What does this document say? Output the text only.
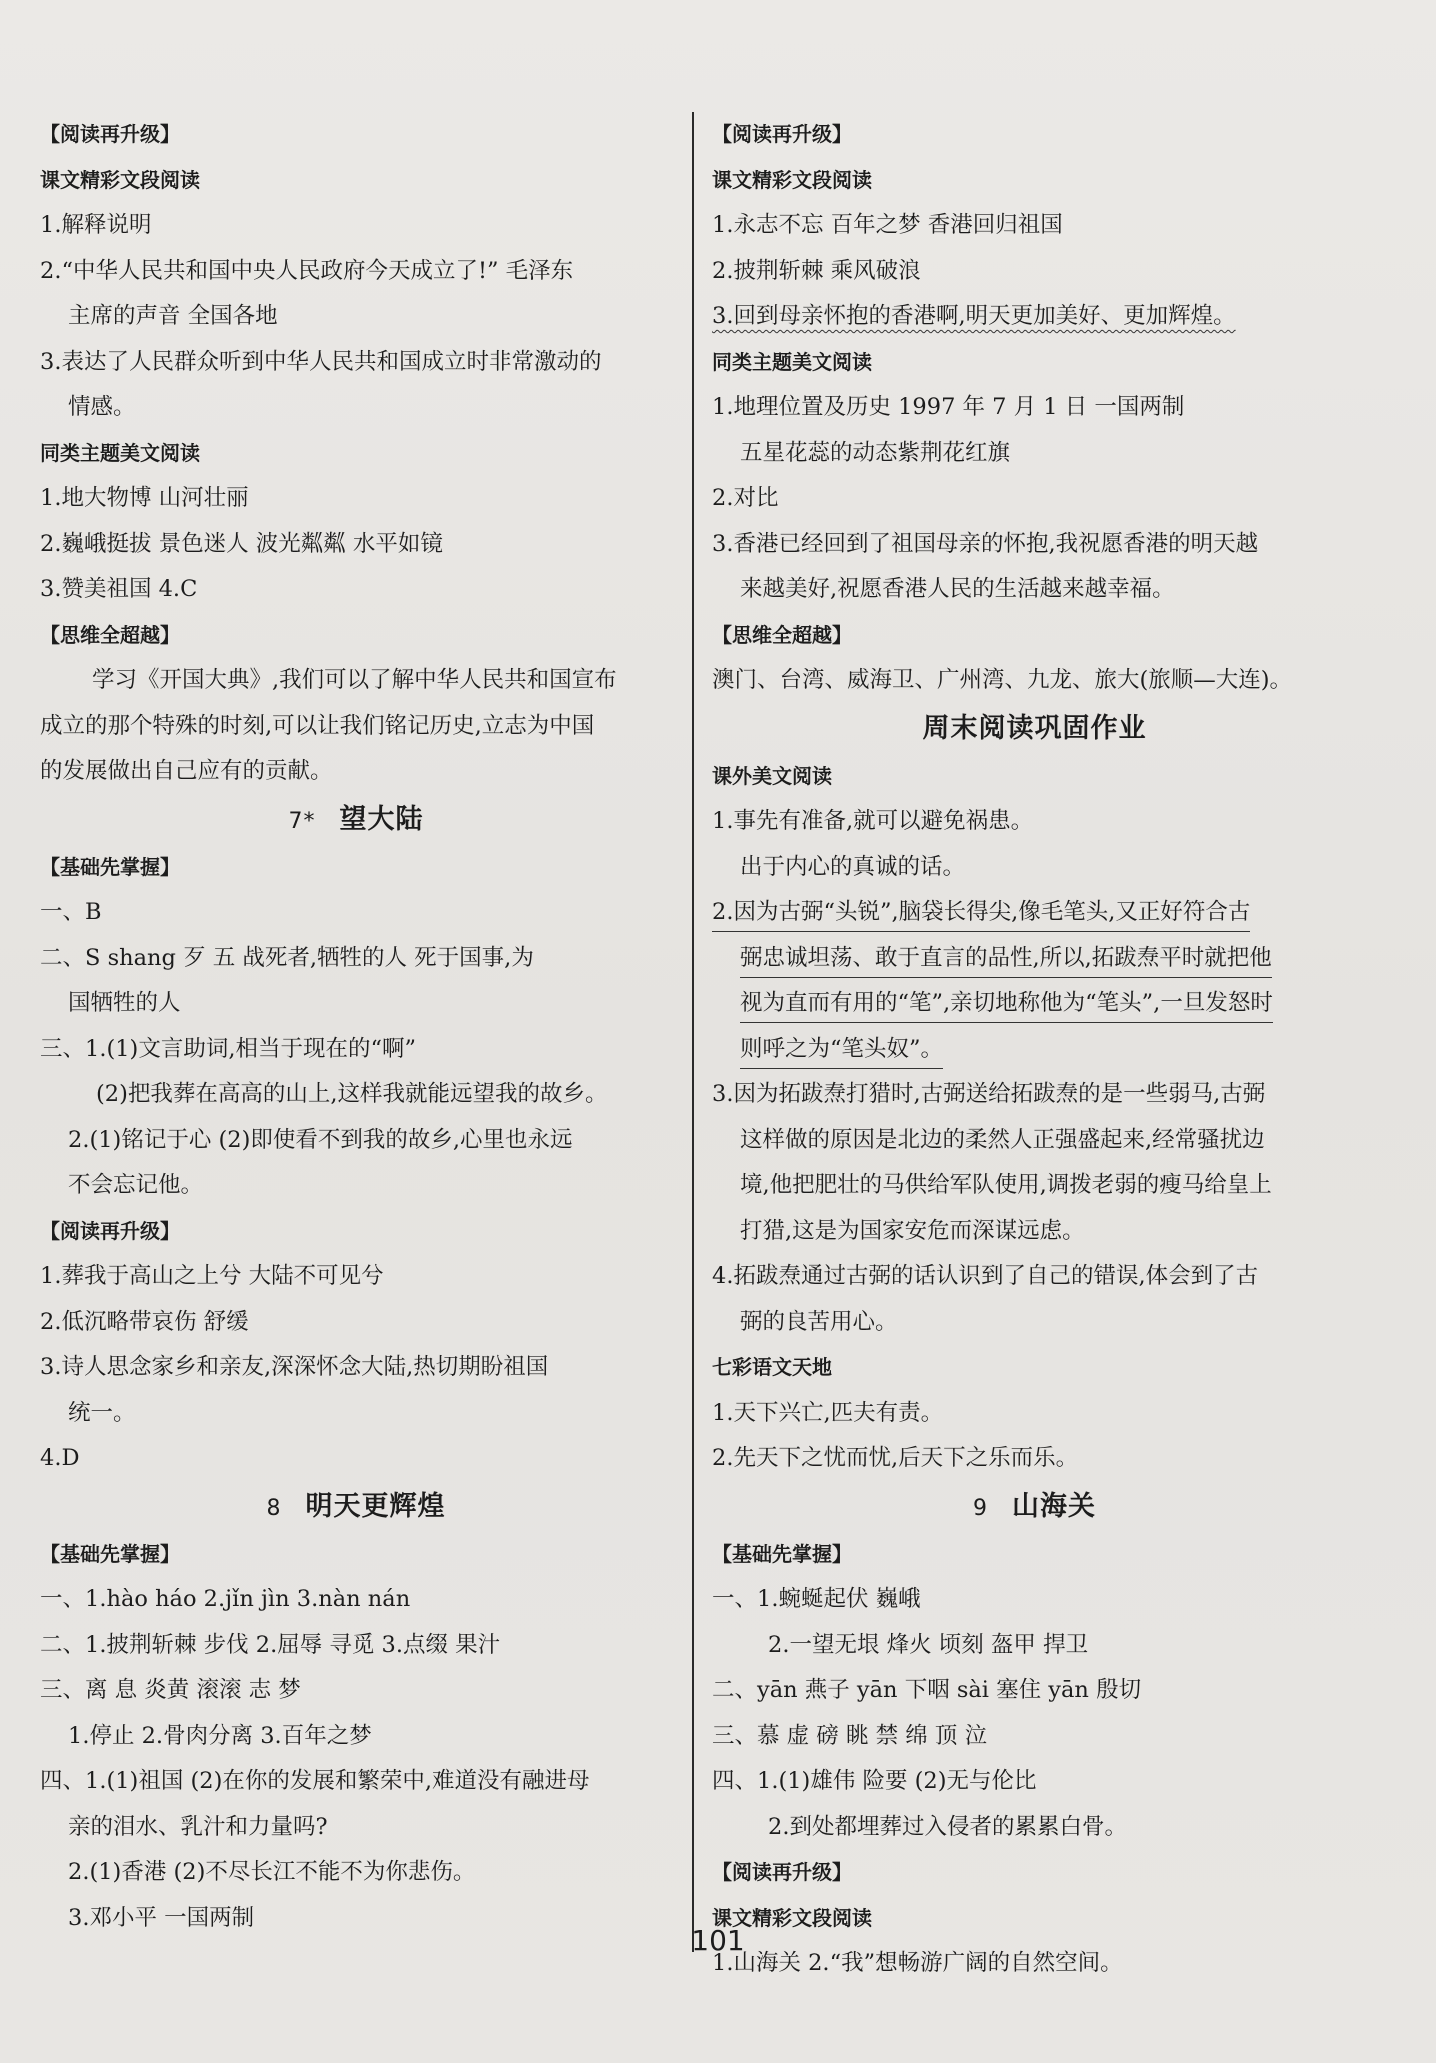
【阅读再升级】
课文精彩文段阅读
1.解释说明
2.“中华人民共和国中央人民政府今天成立了!” 毛泽东
主席的声音 全国各地
3.表达了人民群众听到中华人民共和国成立时非常激动的
情感。
同类主题美文阅读
1.地大物博 山河壮丽
2.巍峨挺拔 景色迷人 波光粼粼 水平如镜
3.赞美祖国 4.C
【思维全超越】
学习《开国大典》,我们可以了解中华人民共和国宣布
成立的那个特殊的时刻,可以让我们铭记历史,立志为中国
的发展做出自己应有的贡献。
7* 望大陆
【基础先掌握】
一、B
二、S shang 歹 五 战死者,牺牲的人 死于国事,为
国牺牲的人
三、1.(1)文言助词,相当于现在的“啊”
(2)把我葬在高高的山上,这样我就能远望我的故乡。
2.(1)铭记于心 (2)即使看不到我的故乡,心里也永远
不会忘记他。
【阅读再升级】
1.葬我于高山之上兮 大陆不可见兮
2.低沉略带哀伤 舒缓
3.诗人思念家乡和亲友,深深怀念大陆,热切期盼祖国
统一。
4.D
8 明天更辉煌
【基础先掌握】
一、1.hào háo 2.jǐn jìn 3.nàn nán
二、1.披荆斩棘 步伐 2.屈辱 寻觅 3.点缀 果汁
三、离 息 炎黄 滚滚 志 梦
1.停止 2.骨肉分离 3.百年之梦
四、1.(1)祖国 (2)在你的发展和繁荣中,难道没有融进母
亲的泪水、乳汁和力量吗?
2.(1)香港 (2)不尽长江不能不为你悲伤。
3.邓小平 一国两制
【阅读再升级】
课文精彩文段阅读
1.永志不忘 百年之梦 香港回归祖国
2.披荆斩棘 乘风破浪
3.回到母亲怀抱的香港啊,明天更加美好、更加辉煌。
同类主题美文阅读
1.地理位置及历史 1997 年 7 月 1 日 一国两制
五星花蕊的动态紫荆花红旗
2.对比
3.香港已经回到了祖国母亲的怀抱,我祝愿香港的明天越
来越美好,祝愿香港人民的生活越来越幸福。
【思维全超越】
澳门、台湾、威海卫、广州湾、九龙、旅大(旅顺—大连)。
周末阅读巩固作业
课外美文阅读
1.事先有准备,就可以避免祸患。
出于内心的真诚的话。
2.因为古弼“头锐”,脑袋长得尖,像毛笔头,又正好符合古
弼忠诚坦荡、敢于直言的品性,所以,拓跋焘平时就把他
视为直而有用的“笔”,亲切地称他为“笔头”,一旦发怒时
则呼之为“笔头奴”。
3.因为拓跋焘打猎时,古弼送给拓跋焘的是一些弱马,古弼
这样做的原因是北边的柔然人正强盛起来,经常骚扰边
境,他把肥壮的马供给军队使用,调拨老弱的瘦马给皇上
打猎,这是为国家安危而深谋远虑。
4.拓跋焘通过古弼的话认识到了自己的错误,体会到了古
弼的良苦用心。
七彩语文天地
1.天下兴亡,匹夫有责。
2.先天下之忧而忧,后天下之乐而乐。
9 山海关
【基础先掌握】
一、1.蜿蜒起伏 巍峨
2.一望无垠 烽火 顷刻 盔甲 捍卫
二、yān 燕子 yān 下咽 sài 塞住 yān 殷切
三、慕 虚 磅 眺 禁 绵 顶 泣
四、1.(1)雄伟 险要 (2)无与伦比
2.到处都埋葬过入侵者的累累白骨。
【阅读再升级】
课文精彩文段阅读
1.山海关 2.“我”想畅游广阔的自然空间。
101
